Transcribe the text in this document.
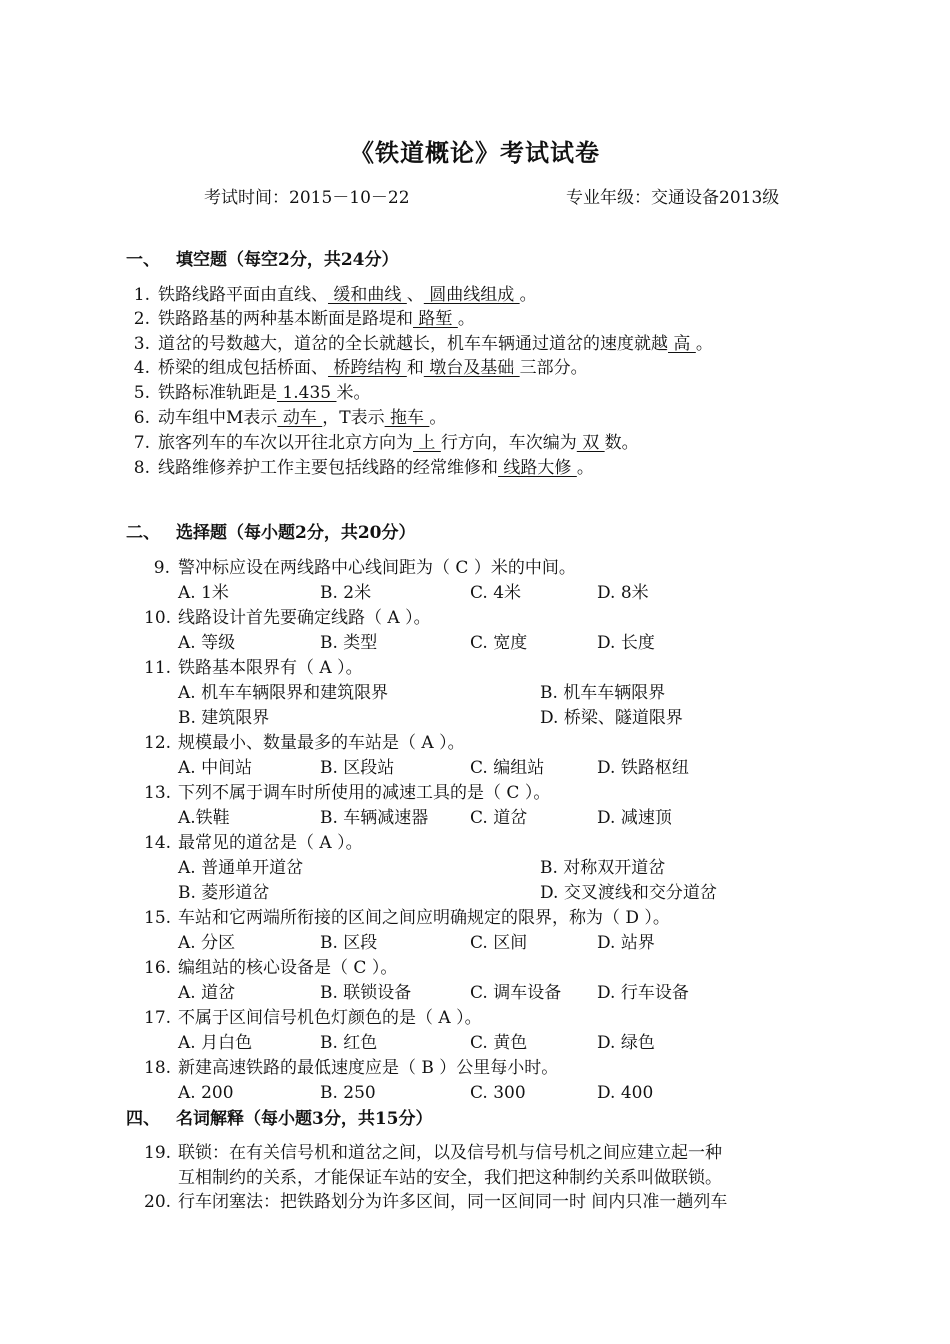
《铁道概论》考试试卷
考试时间：2015－10－22	专业年级：交通设备2013级
一、 填空题（每空2分，共24分）
1. 铁路线路平面由直线、 缓和曲线 、 圆曲线组成 。
2. 铁路路基的两种基本断面是路堤和 路堑 。
3. 道岔的号数越大，道岔的全长就越长，机车车辆通过道岔的速度就越 高 。
4. 桥梁的组成包括桥面、 桥跨结构 和 墩台及基础 三部分。
5. 铁路标准轨距是 1.435 米。
6. 动车组中M表示 动车 ，T表示 拖车 。
7. 旅客列车的车次以开往北京方向为 上 行方向，车次编为 双 数。
8. 线路维修养护工作主要包括线路的经常维修和 线路大修 。
二、 选择题（每小题2分，共20分）
9. 警冲标应设在两线路中心线间距为（ C ）米的中间。
A. 1米	B. 2米	C. 4米	D. 8米
10. 线路设计首先要确定线路（ A ）。
A. 等级	B. 类型	C. 宽度	D. 长度
11. 铁路基本限界有（ A ）。
A. 机车车辆限界和建筑限界	B. 机车车辆限界
B. 建筑限界	D. 桥梁、隧道限界
12. 规模最小、数量最多的车站是（ A ）。
A. 中间站	B. 区段站	C. 编组站	D. 铁路枢纽
13. 下列不属于调车时所使用的减速工具的是（ C ）。
A.铁鞋	B. 车辆减速器 C. 道岔	D. 减速顶
14. 最常见的道岔是（ A ）。
A. 普通单开道岔	B. 对称双开道岔
B. 菱形道岔	D. 交叉渡线和交分道岔
15. 车站和它两端所衔接的区间之间应明确规定的限界，称为（ D ）。
A. 分区	B. 区段	C. 区间	D. 站界
16. 编组站的核心设备是（ C ）。
A. 道岔	B. 联锁设备	C. 调车设备 D. 行车设备
17. 不属于区间信号机色灯颜色的是（ A ）。
A. 月白色	B. 红色	C. 黄色	D. 绿色
18. 新建高速铁路的最低速度应是（ B ）公里每小时。
A. 200	B. 250	C. 300	D. 400
四、 名词解释（每小题3分，共15分）
19. 联锁：在有关信号机和道岔之间，以及信号机与信号机之间应建立起一种
互相制约的关系，才能保证车站的安全，我们把这种制约关系叫做联锁。
20. 行车闭塞法：把铁路划分为许多区间，同一区间同一时 间内只准一趟列车
